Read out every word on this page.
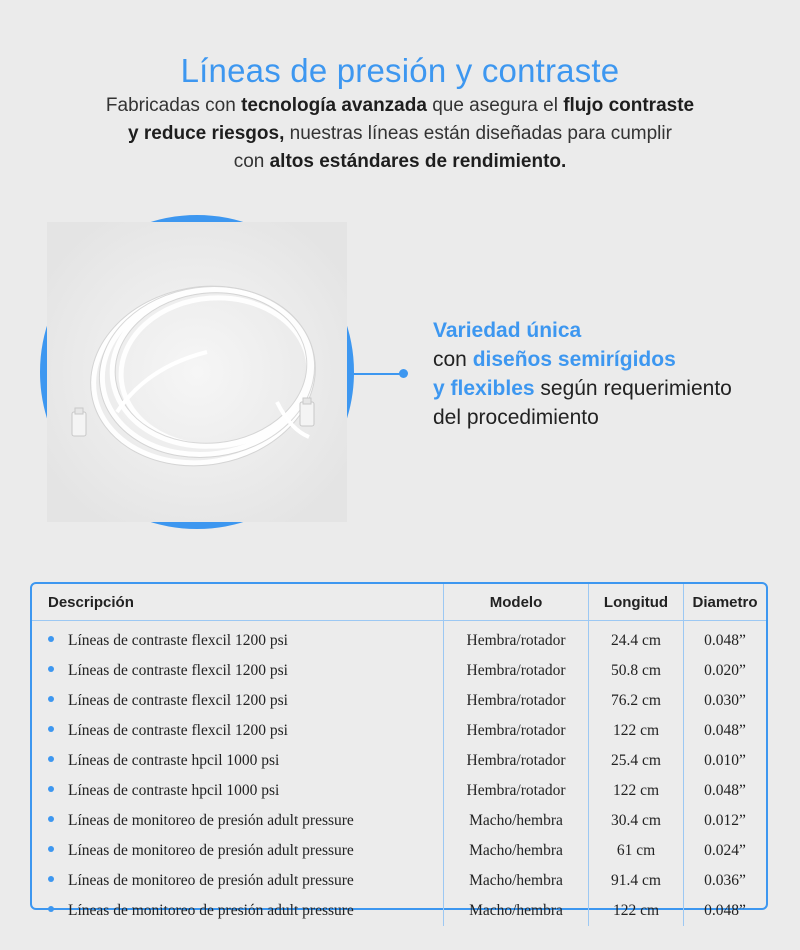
Líneas de presión y contraste
Fabricadas con tecnología avanzada que asegura el flujo contraste
y reduce riesgos, nuestras líneas están diseñadas para cumplir
con altos estándares de rendimiento.
Variedad única
con diseños semirígidos
y flexibles según requerimiento
del procedimiento
Descripción	Modelo	Longitud	Diametro
Líneas de contraste flexcil 1200 psi	Hembra/rotador	24.4 cm	0.048”
Líneas de contraste flexcil 1200 psi	Hembra/rotador	50.8 cm	0.020”
Líneas de contraste flexcil 1200 psi	Hembra/rotador	76.2 cm	0.030”
Líneas de contraste flexcil 1200 psi	Hembra/rotador	122 cm	0.048”
Líneas de contraste hpcil 1000 psi	Hembra/rotador	25.4 cm	0.010”
Líneas de contraste hpcil 1000 psi	Hembra/rotador	122 cm	0.048”
Líneas de monitoreo de presión adult pressure	Macho/hembra	30.4 cm	0.012”
Líneas de monitoreo de presión adult pressure	Macho/hembra	61 cm	0.024”
Líneas de monitoreo de presión adult pressure	Macho/hembra	91.4 cm	0.036”
Líneas de monitoreo de presión adult pressure	Macho/hembra	122 cm	0.048”
